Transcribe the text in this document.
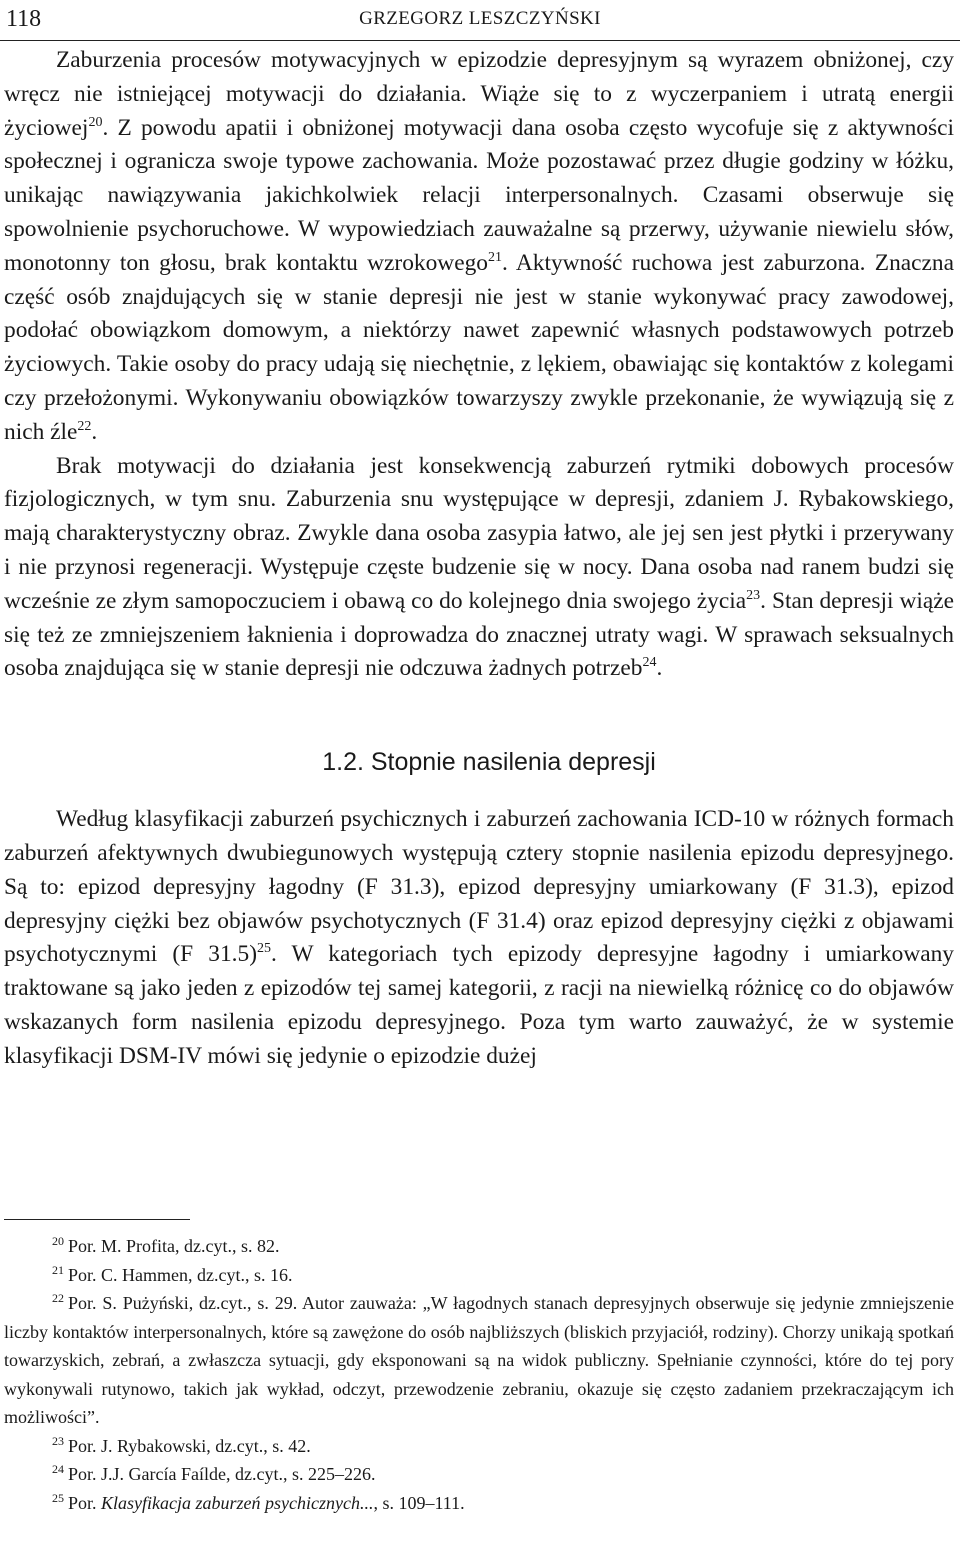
118	GRZEGORZ LESZCZYŃSKI

Zaburzenia procesów motywacyjnych w epizodzie depresyjnym są wyrazem obniżonej, czy wręcz nie istniejącej motywacji do działania. Wiąże się to z wyczerpaniem i utratą energii życiowej$^{20}$. Z powodu apatii i obniżonej motywacji dana osoba często wycofuje się z aktywności społecznej i ogranicza swoje typowe zachowania. Może pozostawać przez długie godziny w łóżku, unikając nawiązywania jakichkolwiek relacji interpersonalnych. Czasami obserwuje się spowolnienie psychoruchowe. W wypowiedziach zauważalne są przerwy, używanie niewielu słów, monotonny ton głosu, brak kontaktu wzrokowego$^{21}$. Aktywność ruchowa jest zaburzona. Znaczna część osób znajdujących się w stanie depresji nie jest w stanie wykonywać pracy zawodowej, podołać obowiązkom domowym, a niektórzy nawet zapewnić własnych podstawowych potrzeb życiowych. Takie osoby do pracy udają się niechętnie, z lękiem, obawiając się kontaktów z kolegami czy przełożonymi. Wykonywaniu obowiązków towarzyszy zwykle przekonanie, że wywiązują się z nich źle$^{22}$.

Brak motywacji do działania jest konsekwencją zaburzeń rytmiki dobowych procesów fizjologicznych, w tym snu. Zaburzenia snu występujące w depresji, zdaniem J. Rybakowskiego, mają charakterystyczny obraz. Zwykle dana osoba zasypia łatwo, ale jej sen jest płytki i przerywany i nie przynosi regeneracji. Występuje częste budzenie się w nocy. Dana osoba nad ranem budzi się wcześnie ze złym samopoczuciem i obawą co do kolejnego dnia swojego życia$^{23}$. Stan depresji wiąże się też ze zmniejszeniem łaknienia i doprowadza do znacznej utraty wagi. W sprawach seksualnych osoba znajdująca się w stanie depresji nie odczuwa żadnych potrzeb$^{24}$.

1.2. Stopnie nasilenia depresji

Według klasyfikacji zaburzeń psychicznych i zaburzeń zachowania ICD-10 w różnych formach zaburzeń afektywnych dwubiegunowych występują cztery stopnie nasilenia epizodu depresyjnego. Są to: epizod depresyjny łagodny (F 31.3), epizod depresyjny umiarkowany (F 31.3), epizod depresyjny ciężki bez objawów psychotycznych (F 31.4) oraz epizod depresyjny ciężki z objawami psychotycznymi (F 31.5)$^{25}$. W kategoriach tych epizody depresyjne łagodny i umiarkowany traktowane są jako jeden z epizodów tej samej kategorii, z racji na niewielką różnicę co do objawów wskazanych form nasilenia epizodu depresyjnego. Poza tym warto zauważyć, że w systemie klasyfikacji DSM-IV mówi się jedynie o epizodzie dużej

$^{20}$ Por. M. Profita, dz.cyt., s. 82.

$^{21}$ Por. C. Hammen, dz.cyt., s. 16.

$^{22}$ Por. S. Pużyński, dz.cyt., s. 29. Autor zauważa: „W łagodnych stanach depresyjnych obserwuje się jedynie zmniejszenie liczby kontaktów interpersonalnych, które są zawężone do osób najbliższych (bliskich przyjaciół, rodziny). Chorzy unikają spotkań towarzyskich, zebrań, a zwłaszcza sytuacji, gdy eksponowani są na widok publiczny. Spełnianie czynności, które do tej pory wykonywali rutynowo, takich jak wykład, odczyt, przewodzenie zebraniu, okazuje się często zadaniem przekraczającym ich możliwości”.

$^{23}$ Por. J. Rybakowski, dz.cyt., s. 42.

$^{24}$ Por. J.J. García Faílde, dz.cyt., s. 225–226.

$^{25}$ Por. Klasyfikacja zaburzeń psychicznych..., s. 109–111.
